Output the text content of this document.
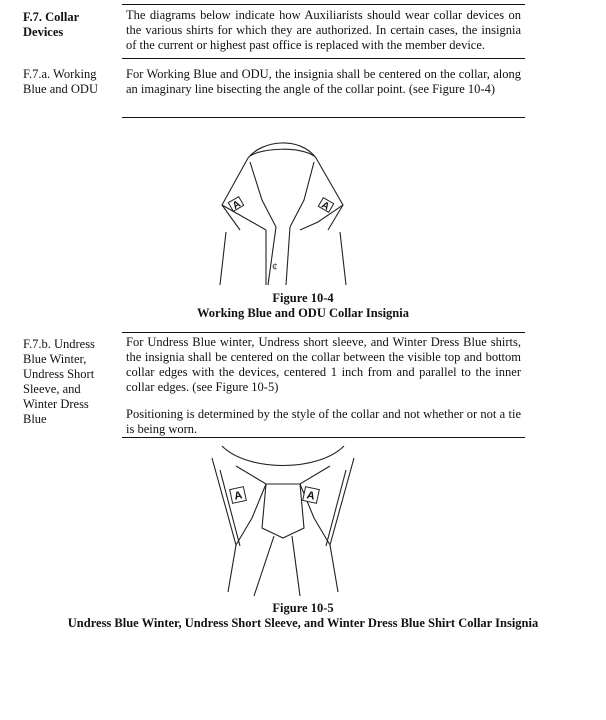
F.7. Collar Devices
The diagrams below indicate how Auxiliarists should wear collar devices on the various shirts for which they are authorized. In certain cases, the insignia of the current or highest past office is replaced with the member device.
F.7.a. Working Blue and ODU
For Working Blue and ODU, the insignia shall be centered on the collar, along an imaginary line bisecting the angle of the collar point. (see Figure 10-4)
A	A
¢
Figure 10-4
Working Blue and ODU Collar Insignia
F.7.b. Undress Blue Winter, Undress Short Sleeve, and Winter Dress Blue
For Undress Blue winter, Undress short sleeve, and Winter Dress Blue shirts, the insignia shall be centered on the collar between the visible top and bottom collar edges with the devices, centered 1 inch from and parallel to the inner collar edges. (see Figure 10-5)
Positioning is determined by the style of the collar and not whether or not a tie is being worn.
A	A
Figure 10-5
Undress Blue Winter, Undress Short Sleeve, and Winter Dress Blue Shirt Collar Insignia
